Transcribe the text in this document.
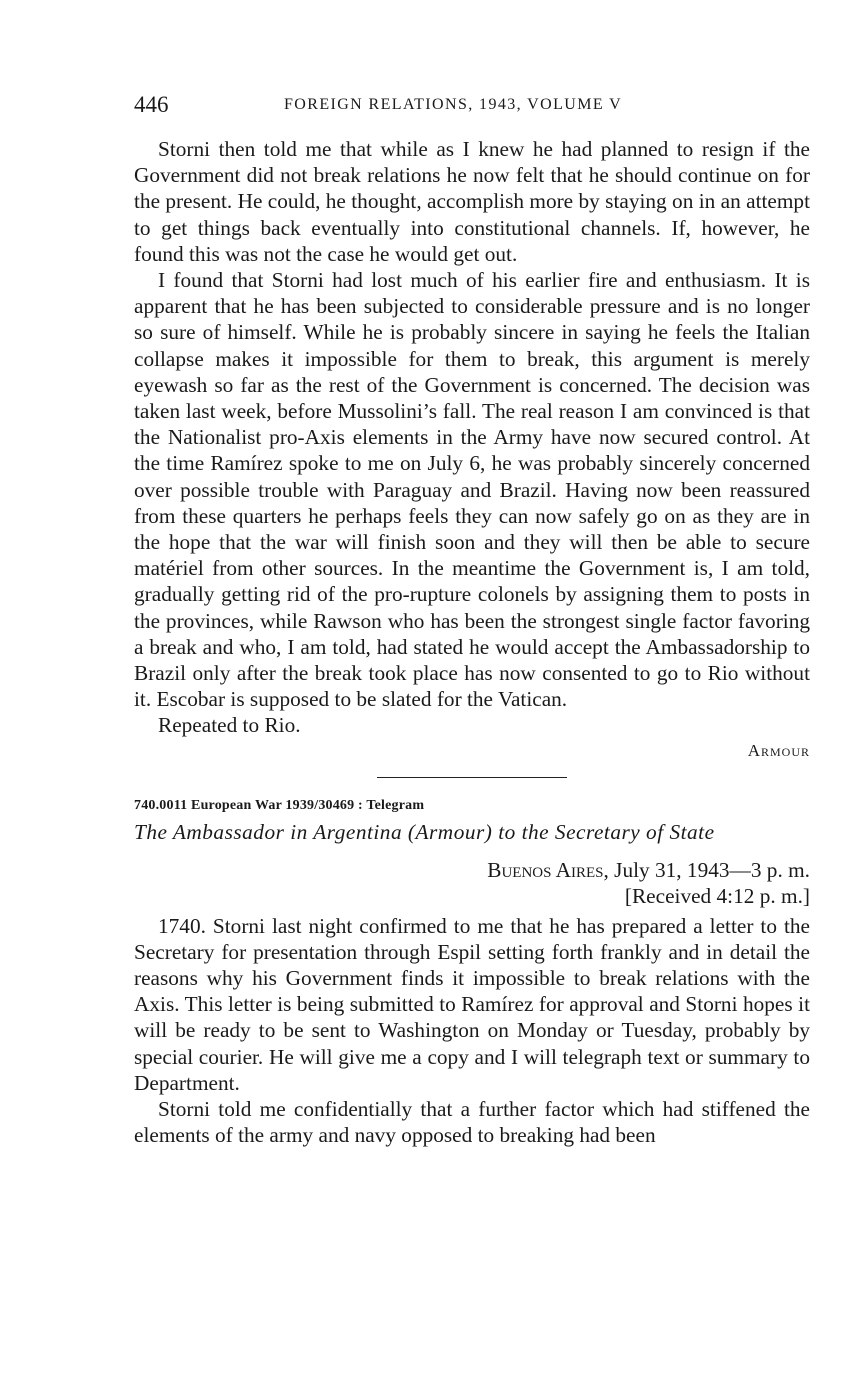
446	FOREIGN RELATIONS, 1943, VOLUME V

Storni then told me that while as I knew he had planned to resign if the Government did not break relations he now felt that he should continue on for the present. He could, he thought, accomplish more by staying on in an attempt to get things back eventually into constitutional channels. If, however, he found this was not the case he would get out.

I found that Storni had lost much of his earlier fire and enthusiasm. It is apparent that he has been subjected to considerable pressure and is no longer so sure of himself. While he is probably sincere in saying he feels the Italian collapse makes it impossible for them to break, this argument is merely eyewash so far as the rest of the Government is concerned. The decision was taken last week, before Mussolini’s fall. The real reason I am convinced is that the Nationalist pro-Axis elements in the Army have now secured control. At the time Ramírez spoke to me on July 6, he was probably sincerely concerned over possible trouble with Paraguay and Brazil. Having now been reassured from these quarters he perhaps feels they can now safely go on as they are in the hope that the war will finish soon and they will then be able to secure matériel from other sources. In the meantime the Government is, I am told, gradually getting rid of the pro-rupture colonels by assigning them to posts in the provinces, while Rawson who has been the strongest single factor favoring a break and who, I am told, had stated he would accept the Ambassadorship to Brazil only after the break took place has now consented to go to Rio without it. Escobar is supposed to be slated for the Vatican.

Repeated to Rio.

Armour
740.0011 European War 1939/30469 : Telegram
The Ambassador in Argentina (Armour) to the Secretary of State
Buenos Aires, July 31, 1943—3 p. m.
[Received 4:12 p. m.]

1740. Storni last night confirmed to me that he has prepared a letter to the Secretary for presentation through Espil setting forth frankly and in detail the reasons why his Government finds it impossible to break relations with the Axis. This letter is being submitted to Ramírez for approval and Storni hopes it will be ready to be sent to Washington on Monday or Tuesday, probably by special courier. He will give me a copy and I will telegraph text or summary to Department.

Storni told me confidentially that a further factor which had stiffened the elements of the army and navy opposed to breaking had been
